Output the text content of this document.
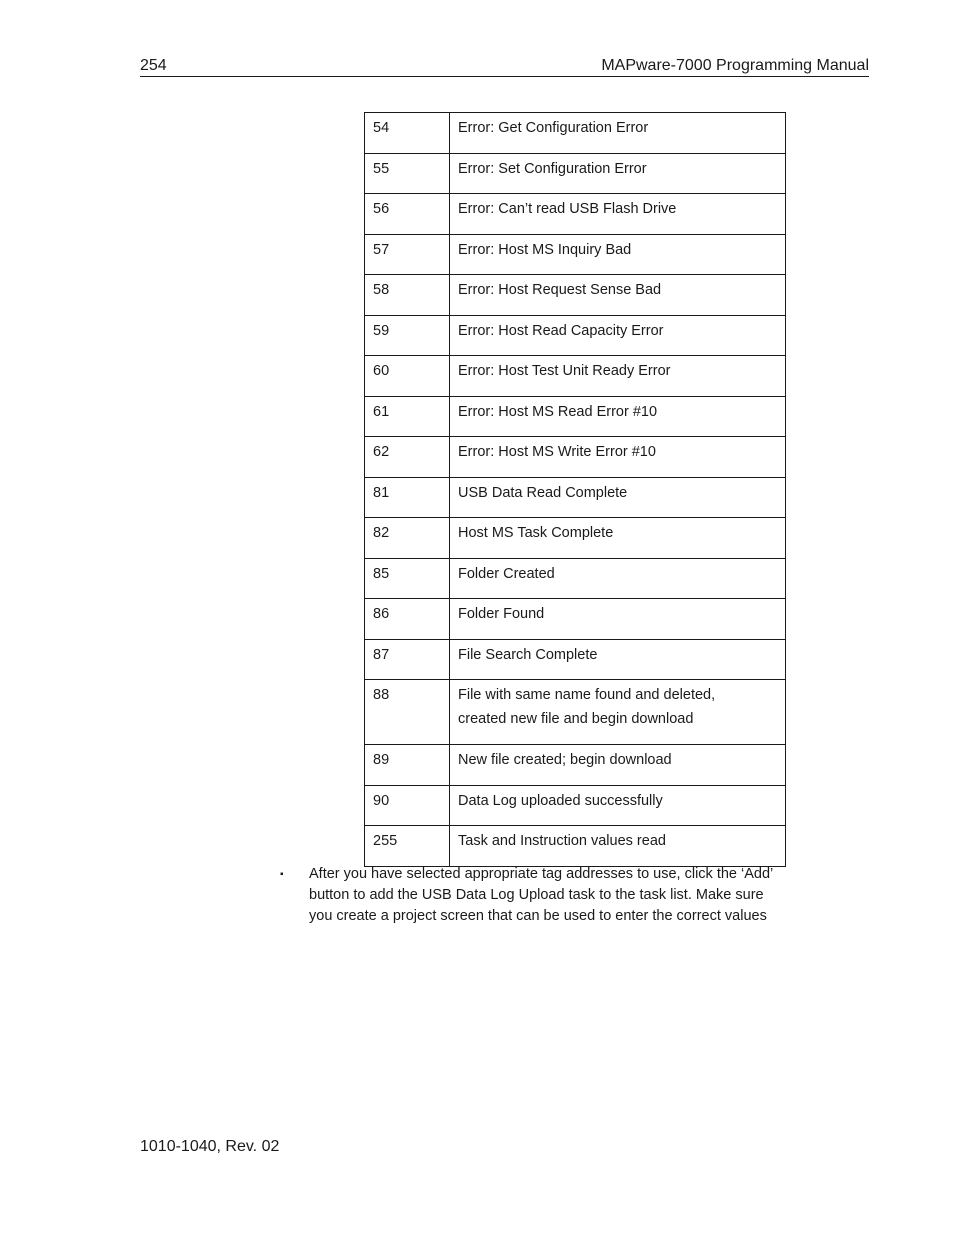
254	MAPware-7000 Programming Manual
54	Error: Get Configuration Error
55	Error: Set Configuration Error
56	Error: Can’t read USB Flash Drive
57	Error: Host MS Inquiry Bad
58	Error: Host Request Sense Bad
59	Error: Host Read Capacity Error
60	Error: Host Test Unit Ready Error
61	Error: Host MS Read Error #10
62	Error: Host MS Write Error #10
81	USB Data Read Complete
82	Host MS Task Complete
85	Folder Created
86	Folder Found
87	File Search Complete
88	File with same name found and deleted,
created new file and begin download

89	New file created; begin download
90	Data Log uploaded successfully
255	Task and Instruction values read
▪ After you have selected appropriate tag addresses to use, click the ‘Add’
button to add the USB Data Log Upload task to the task list. Make sure
you create a project screen that can be used to enter the correct values
1010-1040, Rev. 02
